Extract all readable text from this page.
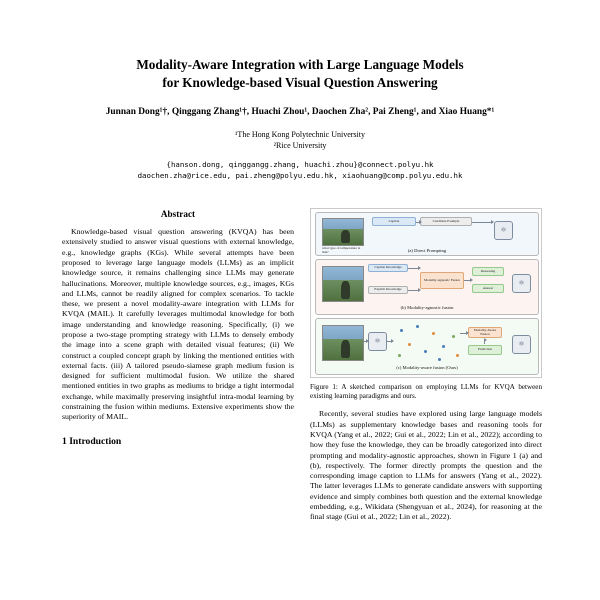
Modality-Aware Integration with Large Language Models
for Knowledge-based Visual Question Answering
Junnan Dong¹†, Qinggang Zhang¹†, Huachi Zhou¹, Daochen Zha², Pai Zheng¹, and Xiao Huang*¹
¹The Hong Kong Polytechnic University
²Rice University
{hanson.dong, qinggangg.zhang, huachi.zhou}@connect.polyu.hk
daochen.zha@rice.edu, pai.zheng@polyu.edu.hk, xiaohuang@comp.polyu.edu.hk
Abstract

Knowledge-based visual question answering (KVQA) has been extensively studied to answer visual questions with external knowledge, e.g., knowledge graphs (KGs). While several attempts have been proposed to leverage large language models (LLMs) as an implicit knowledge source, it remains challenging since LLMs may generate hallucinations. Moreover, multiple knowledge sources, e.g., images, KGs and LLMs, cannot be readily aligned for complex scenarios. To tackle these, we present a novel modality-aware integration with LLMs for KVQA (MAIL). It carefully leverages multimodal knowledge for both image understanding and knowledge reasoning. Specifically, (i) we propose a two-stage prompting strategy with LLMs to densely embody the image into a scene graph with detailed visual features; (ii) We construct a coupled concept graph by linking the mentioned entities with external facts. (iii) A tailored pseudo-siamese graph medium fusion is designed for sufficient multimodal fusion. We utilize the shared mentioned entities in two graphs as mediums to bridge a tight intermodal exchange, while maximally preserving insightful intra-modal learning by constraining the fusion within mediums. Extensive experiments show the superiority of MAIL.

1 Introduction
Caption	Candidate Example
⚛
what type of temperature is this?	(a) Direct Prompting
Caption Knowledge
Explicit Knowledge
Modality-Agnostic Fusion
Reasoning
Answer
⚛
(b) Modality-agnostic fusion
⚛
Modality-Aware Fusion
Prediction
⚛
(c) Modality-aware fusion (Ours)
Figure 1: A sketched comparison on employing LLMs for KVQA between existing learning paradigms and ours.

Recently, several studies have explored using large language models (LLMs) as supplementary knowledge bases and reasoning tools for KVQA (Yang et al., 2022; Gui et al., 2022; Lin et al., 2022); according to how they fuse the knowledge, they can be broadly categorized into direct prompting and modality-agnostic approaches, shown in Figure 1 (a) and (b), respectively. The former directly prompts the question and the corresponding image caption to LLMs for answers (Yang et al., 2022). The latter leverages LLMs to generate candidate answers with supporting evidence and simply combines both question and the external knowledge embedding, e.g., Wikidata (Shengyuan et al., 2024), for reasoning at the final stage (Gui et al., 2022; Lin et al., 2022).
